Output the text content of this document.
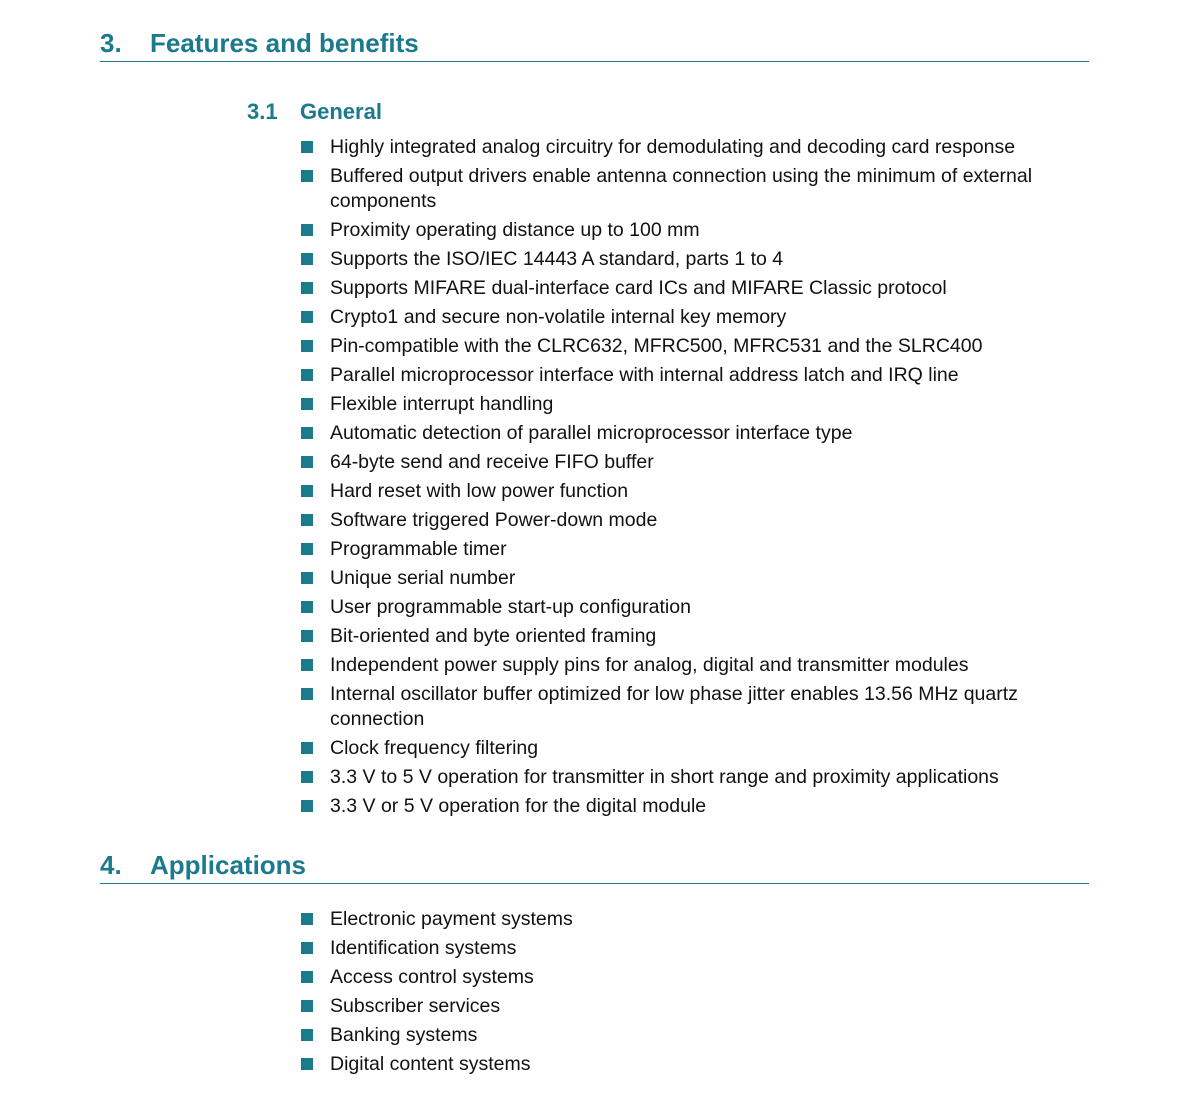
3. Features and benefits
3.1 General
Highly integrated analog circuitry for demodulating and decoding card response
Buffered output drivers enable antenna connection using the minimum of external components
Proximity operating distance up to 100 mm
Supports the ISO/IEC 14443 A standard, parts 1 to 4
Supports MIFARE dual-interface card ICs and MIFARE Classic protocol
Crypto1 and secure non-volatile internal key memory
Pin-compatible with the CLRC632, MFRC500, MFRC531 and the SLRC400
Parallel microprocessor interface with internal address latch and IRQ line
Flexible interrupt handling
Automatic detection of parallel microprocessor interface type
64-byte send and receive FIFO buffer
Hard reset with low power function
Software triggered Power-down mode
Programmable timer
Unique serial number
User programmable start-up configuration
Bit-oriented and byte oriented framing
Independent power supply pins for analog, digital and transmitter modules
Internal oscillator buffer optimized for low phase jitter enables 13.56 MHz quartz connection
Clock frequency filtering
3.3 V to 5 V operation for transmitter in short range and proximity applications
3.3 V or 5 V operation for the digital module
4. Applications
Electronic payment systems
Identification systems
Access control systems
Subscriber services
Banking systems
Digital content systems
